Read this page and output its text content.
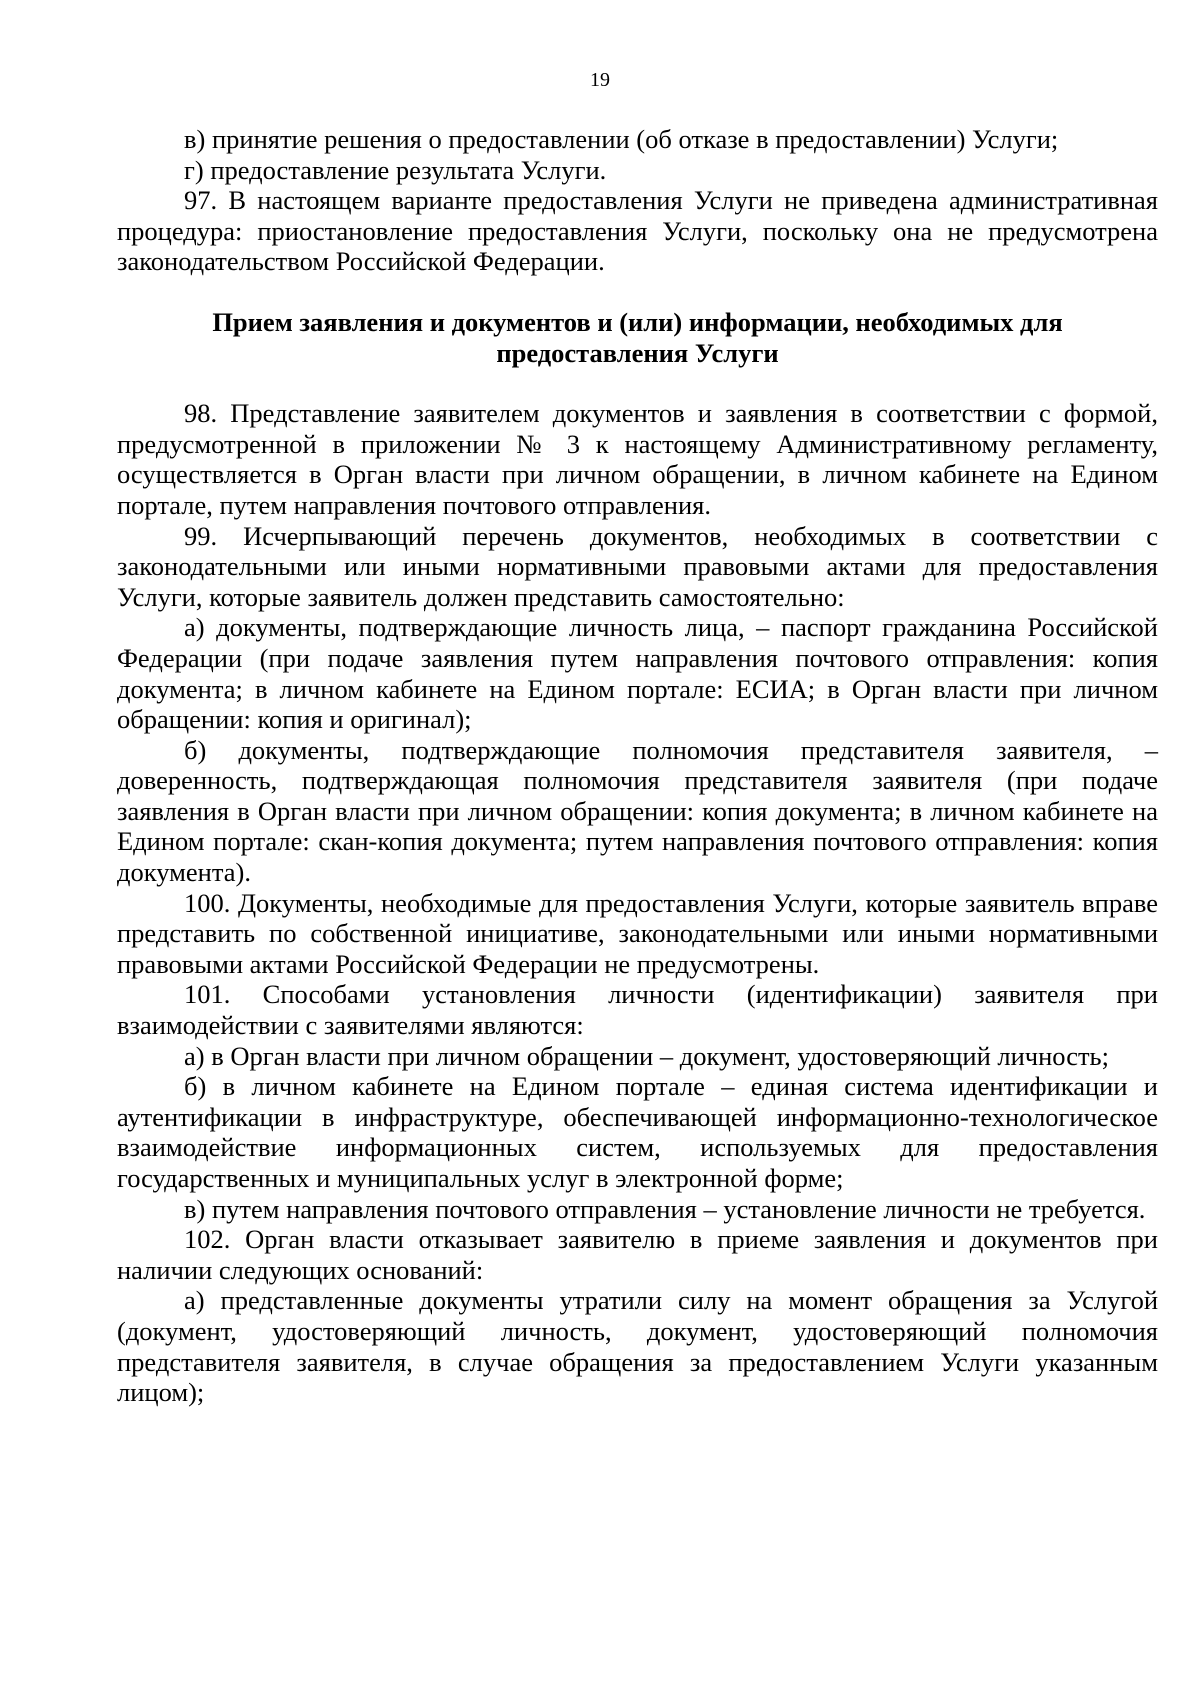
19

в) принятие решения о предоставлении (об отказе в предоставлении) Услуги;

г) предоставление результата Услуги.

97. В настоящем варианте предоставления Услуги не приведена административная процедура: приостановление предоставления Услуги, поскольку она не предусмотрена законодательством Российской Федерации.

Прием заявления и документов и (или) информации, необходимых для
предоставления Услуги

98. Представление заявителем документов и заявления в соответствии с формой, предусмотренной в приложении № 3 к настоящему Административному регламенту, осуществляется в Орган власти при личном обращении, в личном кабинете на Едином портале, путем направления почтового отправления.

99. Исчерпывающий перечень документов, необходимых в соответствии с законодательными или иными нормативными правовыми актами для предоставления Услуги, которые заявитель должен представить самостоятельно:

а) документы, подтверждающие личность лица, – паспорт гражданина Российской Федерации (при подаче заявления путем направления почтового отправления: копия документа; в личном кабинете на Едином портале: ЕСИА; в Орган власти при личном обращении: копия и оригинал);

б) документы, подтверждающие полномочия представителя заявителя, – доверенность, подтверждающая полномочия представителя заявителя (при подаче заявления в Орган власти при личном обращении: копия документа; в личном кабинете на Едином портале: скан-копия документа; путем направления почтового отправления: копия документа).

100. Документы, необходимые для предоставления Услуги, которые заявитель вправе представить по собственной инициативе, законодательными или иными нормативными правовыми актами Российской Федерации не предусмотрены.

101. Способами установления личности (идентификации) заявителя при взаимодействии с заявителями являются:

а) в Орган власти при личном обращении – документ, удостоверяющий личность;

б) в личном кабинете на Едином портале – единая система идентификации и аутентификации в инфраструктуре, обеспечивающей информационно-технологическое взаимодействие информационных систем, используемых для предоставления государственных и муниципальных услуг в электронной форме;

в) путем направления почтового отправления – установление личности не требуется.

102. Орган власти отказывает заявителю в приеме заявления и документов при наличии следующих оснований:

а) представленные документы утратили силу на момент обращения за Услугой (документ, удостоверяющий личность, документ, удостоверяющий полномочия представителя заявителя, в случае обращения за предоставлением Услуги указанным лицом);
